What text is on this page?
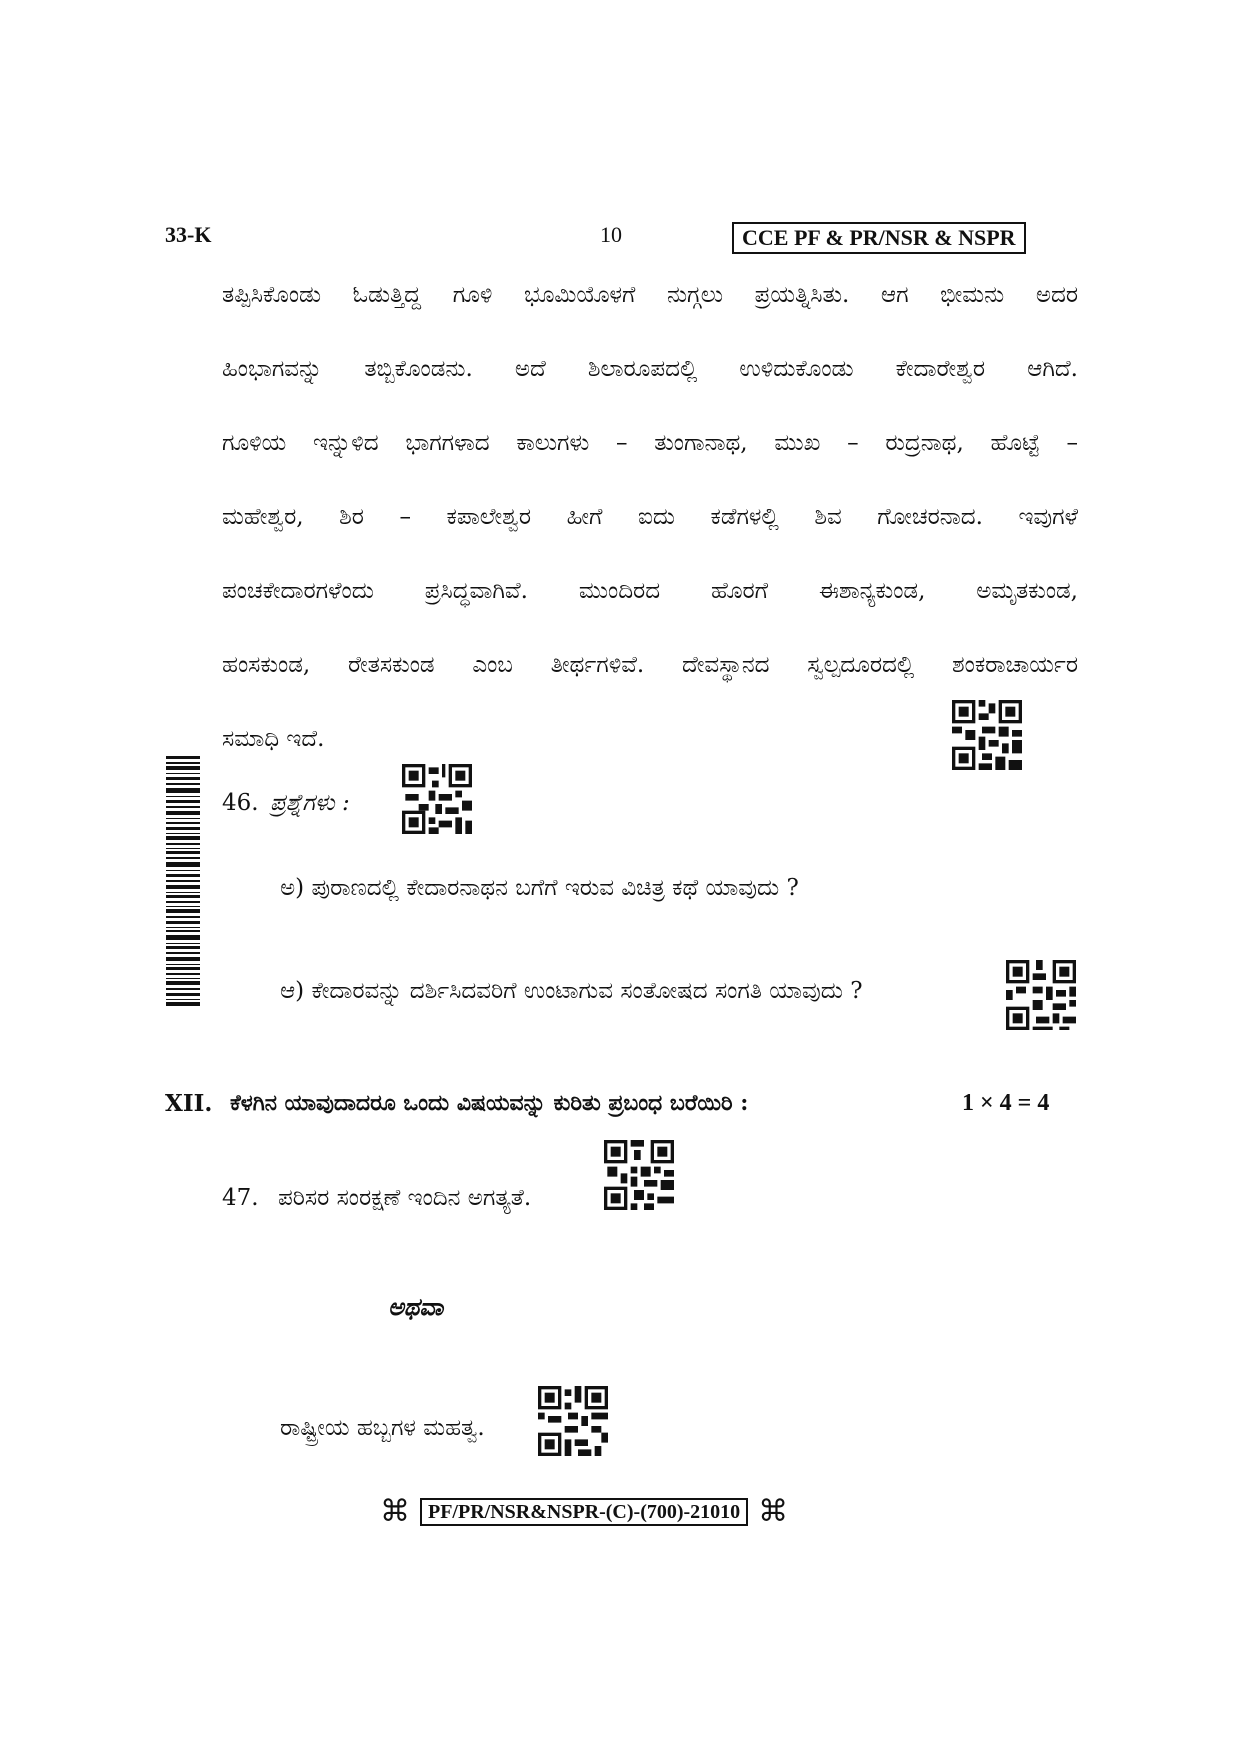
33-K	10	CCE PF & PR/NSR & NSPR
ತಪ್ಪಿಸಿಕೊಂಡು ಓಡುತ್ತಿದ್ದ ಗೂಳಿ ಭೂಮಿಯೊಳಗೆ ನುಗ್ಗಲು ಪ್ರಯತ್ನಿಸಿತು. ಆಗ ಭೀಮನು ಅದರ
ಹಿಂಭಾಗವನ್ನು ತಬ್ಬಿಕೊಂಡನು. ಅದೆ ಶಿಲಾರೂಪದಲ್ಲಿ ಉಳಿದುಕೊಂಡು ಕೇದಾರೇಶ್ವರ ಆಗಿದೆ.
ಗೂಳಿಯ ಇನ್ನುಳಿದ ಭಾಗಗಳಾದ ಕಾಲುಗಳು – ತುಂಗಾನಾಥ, ಮುಖ – ರುದ್ರನಾಥ, ಹೊಟ್ಟೆ –
ಮಹೇಶ್ವರ, ಶಿರ – ಕಪಾಲೇಶ್ವರ ಹೀಗೆ ಐದು ಕಡೆಗಳಲ್ಲಿ ಶಿವ ಗೋಚರನಾದ. ಇವುಗಳೆ
ಪಂಚಕೇದಾರಗಳೆಂದು ಪ್ರಸಿದ್ಧವಾಗಿವೆ. ಮುಂದಿರದ ಹೊರಗೆ ಈಶಾನ್ಯಕುಂಡ, ಅಮೃತಕುಂಡ,
ಹಂಸಕುಂಡ, ರೇತಸಕುಂಡ ಎಂಬ ತೀರ್ಥಗಳಿವೆ. ದೇವಸ್ಥಾನದ ಸ್ವಲ್ಪದೂರದಲ್ಲಿ ಶಂಕರಾಚಾರ್ಯರ
ಸಮಾಧಿ ಇದೆ.
46. ಪ್ರಶ್ನೆಗಳು :
ಅ) ಪುರಾಣದಲ್ಲಿ ಕೇದಾರನಾಥನ ಬಗೆಗೆ ಇರುವ ವಿಚಿತ್ರ ಕಥೆ ಯಾವುದು ?
ಆ) ಕೇದಾರವನ್ನು ದರ್ಶಿಸಿದವರಿಗೆ ಉಂಟಾಗುವ ಸಂತೋಷದ ಸಂಗತಿ ಯಾವುದು ?
XII. ಕೆಳಗಿನ ಯಾವುದಾದರೂ ಒಂದು ವಿಷಯವನ್ನು ಕುರಿತು ಪ್ರಬಂಧ ಬರೆಯಿರಿ :	1 × 4 = 4
47. ಪರಿಸರ ಸಂರಕ್ಷಣೆ ಇಂದಿನ ಅಗತ್ಯತೆ.
ಅಥವಾ
ರಾಷ್ಟ್ರೀಯ ಹಬ್ಬಗಳ ಮಹತ್ವ.
⌘ PF/PR/NSR&NSPR-(C)-(700)-21010 ⌘
